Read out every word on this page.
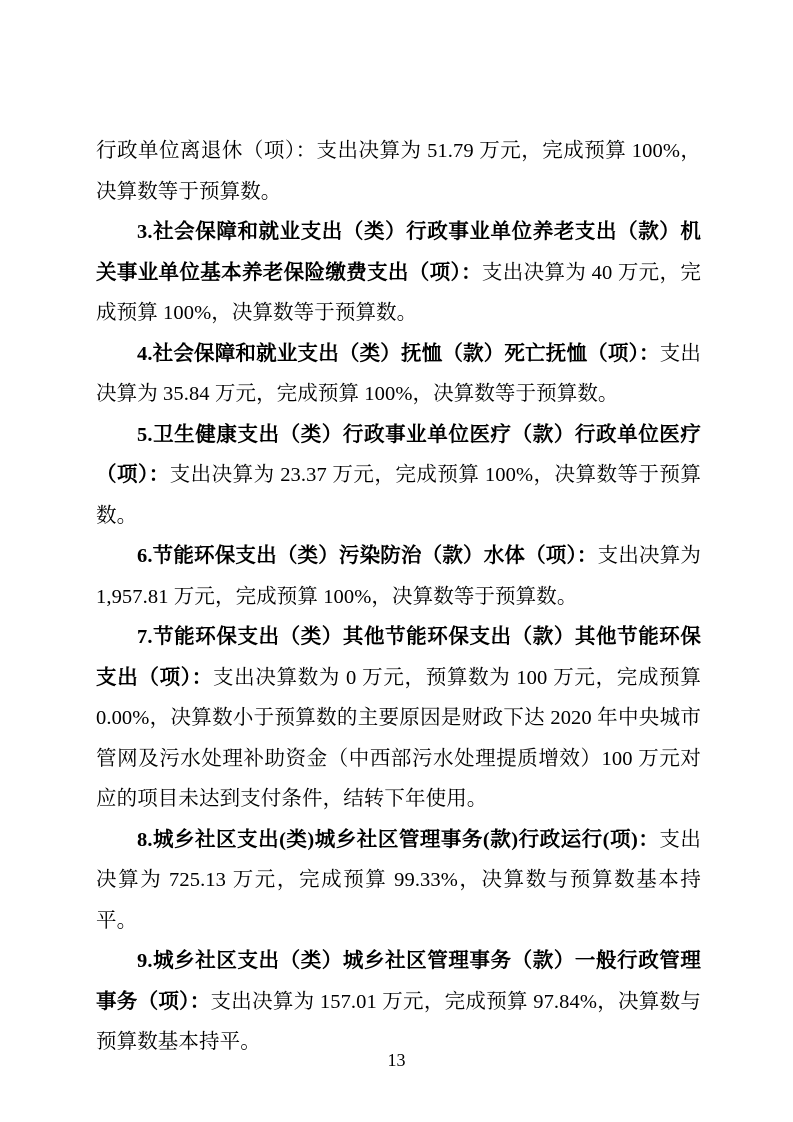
行政单位离退休（项）：支出决算为 51.79 万元，完成预算 100%，决算数等于预算数。

3.社会保障和就业支出（类）行政事业单位养老支出（款）机关事业单位基本养老保险缴费支出（项）：支出决算为 40 万元，完成预算 100%，决算数等于预算数。

4.社会保障和就业支出（类）抚恤（款）死亡抚恤（项）：支出决算为 35.84 万元，完成预算 100%，决算数等于预算数。

5.卫生健康支出（类）行政事业单位医疗（款）行政单位医疗（项）：支出决算为 23.37 万元，完成预算 100%，决算数等于预算数。

6.节能环保支出（类）污染防治（款）水体（项）：支出决算为 1,957.81 万元，完成预算 100%，决算数等于预算数。

7.节能环保支出（类）其他节能环保支出（款）其他节能环保支出（项）：支出决算数为 0 万元，预算数为 100 万元，完成预算 0.00%，决算数小于预算数的主要原因是财政下达 2020 年中央城市管网及污水处理补助资金（中西部污水处理提质增效）100 万元对应的项目未达到支付条件，结转下年使用。

8.城乡社区支出(类)城乡社区管理事务(款)行政运行(项)：支出决算为 725.13 万元，完成预算 99.33%，决算数与预算数基本持平。

9.城乡社区支出（类）城乡社区管理事务（款）一般行政管理事务（项）：支出决算为 157.01 万元，完成预算 97.84%，决算数与预算数基本持平。

13
